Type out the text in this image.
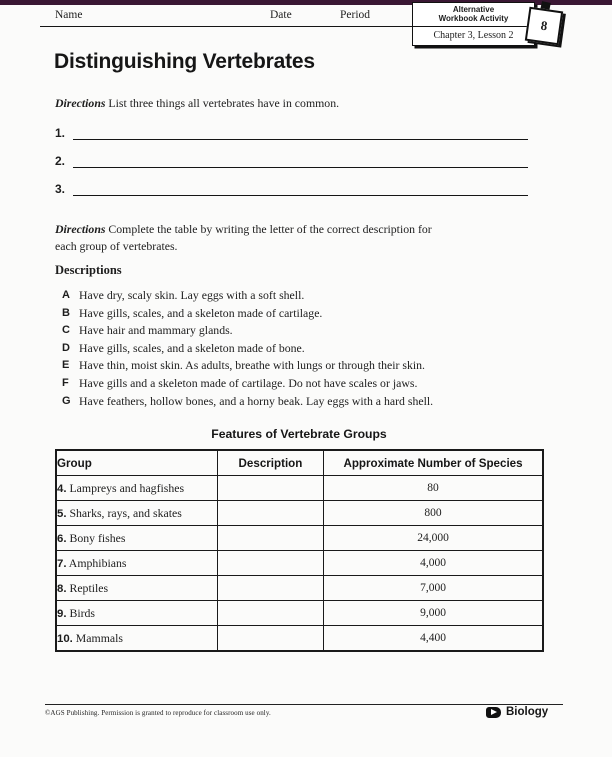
Name	Date	Period	Alternative
Workbook Activity
Chapter 3, Lesson 2
8
Distinguishing Vertebrates
Directions List three things all vertebrates have in common.
1.
2.
3.
Directions Complete the table by writing the letter of the correct description for each group of vertebrates.
Descriptions
A Have dry, scaly skin. Lay eggs with a soft shell.
B Have gills, scales, and a skeleton made of cartilage.
C Have hair and mammary glands.
D Have gills, scales, and a skeleton made of bone.
E Have thin, moist skin. As adults, breathe with lungs or through their skin.
F Have gills and a skeleton made of cartilage. Do not have scales or jaws.
G Have feathers, hollow bones, and a horny beak. Lay eggs with a hard shell.
Features of Vertebrate Groups
Group	Description	Approximate Number of Species
4. Lampreys and hagfishes		80
5. Sharks, rays, and skates		800
6. Bony fishes		24,000
7. Amphibians		4,000
8. Reptiles		7,000
9. Birds		9,000
10. Mammals		4,400
©AGS Publishing. Permission is granted to reproduce for classroom use only.	Biology
